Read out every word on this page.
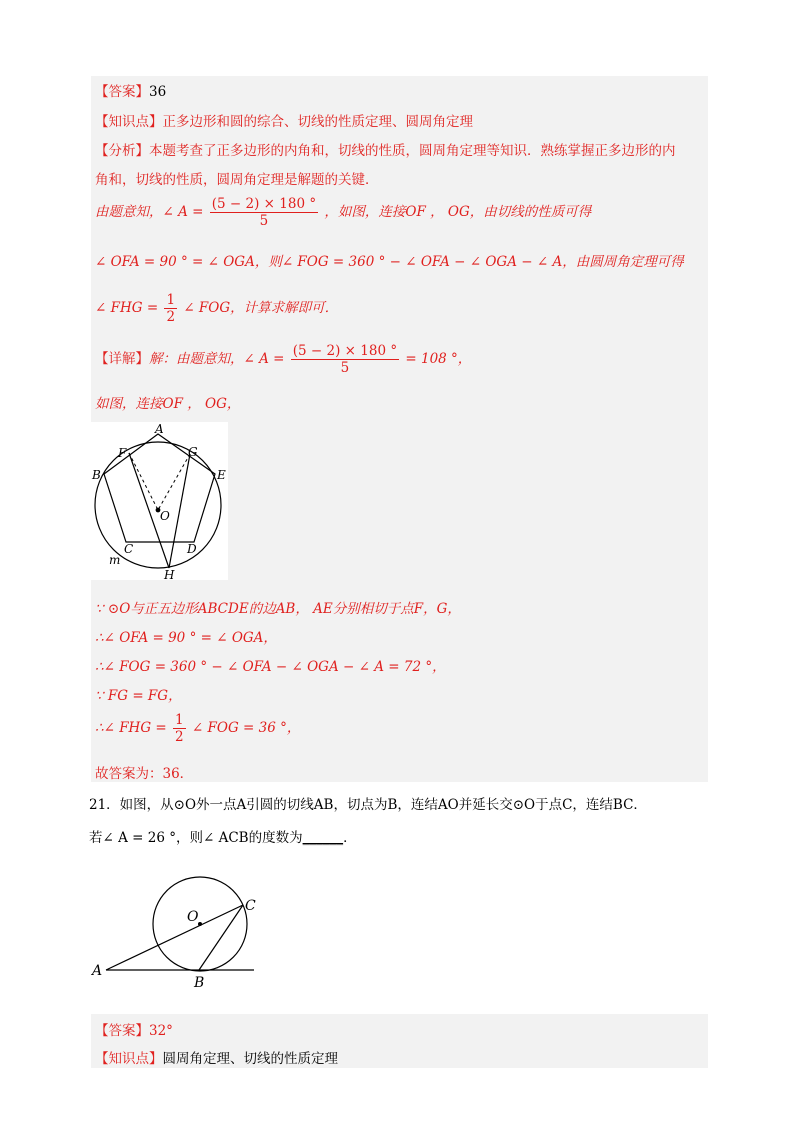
【答案】36
【知识点】正多边形和圆的综合、切线的性质定理、圆周角定理
【分析】本题考查了正多边形的内角和，切线的性质，圆周角定理等知识．熟练掌握正多边形的内
角和，切线的性质，圆周角定理是解题的关键．
由题意知，∠ $A = \frac{(5 - 2) \times 180 ^\circ}{5}$ ，如图，连接OF ， OG，由切线的性质可得
∠ OFA = 90 ° = ∠ OGA，则∠ FOG = 360 ° − ∠ OFA − ∠ OGA − ∠ A，由圆周角定理可得
∠ FHG = $\frac{1}{2}$ ∠ FOG，计算求解即可．
【详解】解：由题意知，∠ $A = \frac{(5 - 2) \times 180 ^\circ}{5} = 108$ °，
如图，连接OF ， OG，
A
B
C	D
E
F	G
O
H
m
∵ ⊙O与正五边形ABCDE的边AB， AE分别相切于点F，G，
∴∠ OFA = 90 ° = ∠ OGA，
∴∠ FOG = 360 ° − ∠ OFA − ∠ OGA − ∠ A = 72 °，
∵ FG = FG，
∴∠ FHG = $\frac{1}{2}$ ∠ FOG = 36 °，
故答案为：36．
21．如图，从⊙O外一点A引圆的切线AB，切点为B，连结AO并延长交⊙O于点C，连结BC．
若∠ A = 26 °，则∠ ACB的度数为______．
O
C
A
B
【答案】32°
【知识点】圆周角定理、切线的性质定理
